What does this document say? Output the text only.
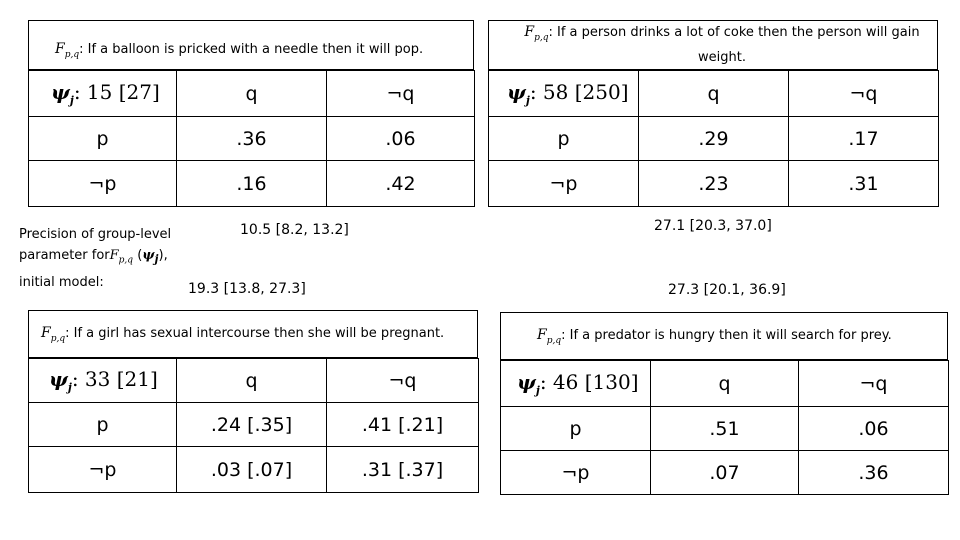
$F_{p,q}$: If a balloon is pricked with a needle then it will pop.
$\psi_j$: 15 [27]	q	¬q
p	.36	.06
¬p	.16	.42
$F_{p,q}$: If a person drinks a lot of coke then the person will gain weight.
$\psi_j$: 58 [250]	q	¬q
p	.29	.17
¬p	.23	.31
Precision of group-level
parameter forF$_{p,q}$ $(\psi_j)$,
initial model:
10.5 [8.2, 13.2]	27.1 [20.3, 37.0]
19.3 [13.8, 27.3]	27.3 [20.1, 36.9]
$F_{p,q}$: If a girl has sexual intercourse then she will be pregnant.
$\psi_j$: 33 [21]	q	¬q
p	.24 [.35]	.41 [.21]
¬p	.03 [.07]	.31 [.37]
$F_{p,q}$: If a predator is hungry then it will search for prey.
$\psi_j$: 46 [130]	q	¬q
p	.51	.06
¬p	.07	.36
